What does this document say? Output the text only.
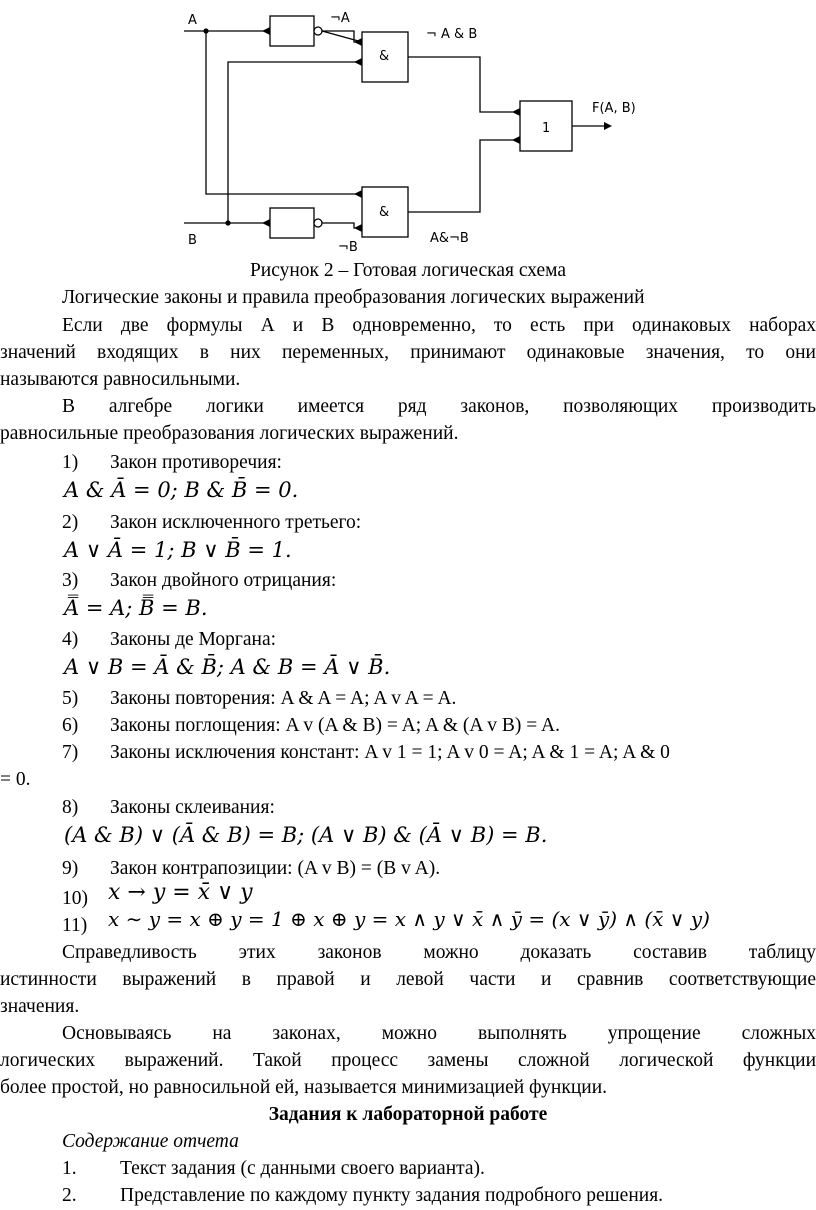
A
B
¬A
¬B
&
&
1
¬ A & B
A&¬B
F(A, B)
Рисунок 2 – Готовая логическая схема
Логические законы и правила преобразования логических выражений
Если две формулы А и В одновременно, то есть при одинаковых наборах
значений входящих в них переменных, принимают одинаковые значения, то они
называются равносильными.
В алгебре логики имеется ряд законов, позволяющих производить
равносильные преобразования логических выражений.
1) Закон противоречия:
A & Ā = 0; B & B̄ = 0.
2) Закон исключенного третьего:
A ∨ Ā = 1; B ∨ B̄ = 1.
3) Закон двойного отрицания:
A̿ = A; B̿ = B.
4) Законы де Моргана:
A ∨ B = Ā & B̄; A & B = Ā ∨ B̄.
5) Законы повторения: A & A = A; A v A = A.
6) Законы поглощения: A v (A & B) = A; A & (A v B) = A.
7) Законы исключения констант: A v 1 = 1; A v 0 = A; A & 1 = A; A & 0
= 0.
8) Законы склеивания:
(A & B) ∨ (Ā & B) = B; (A ∨ B) & (Ā ∨ B) = B.
9) Закон контрапозиции: (A v B) = (B v A).
10) x → y = x̄ ∨ y
11)	x ∼ y = x ⊕ y = 1 ⊕ x ⊕ y = x ∧ y ∨ x̄ ∧ ȳ = (x ∨ ȳ) ∧ (x̄ ∨ y)
Справедливость этих законов можно доказать составив таблицу
истинности выражений в правой и левой части и сравнив соответствующие
значения.
Основываясь на законах, можно выполнять упрощение сложных
логических выражений. Такой процесс замены сложной логической функции
более простой, но равносильной ей, называется минимизацией функции.
Задания к лабораторной работе
Содержание отчета
1. Текст задания (с данными своего варианта).
2. Представление по каждому пункту задания подробного решения.
